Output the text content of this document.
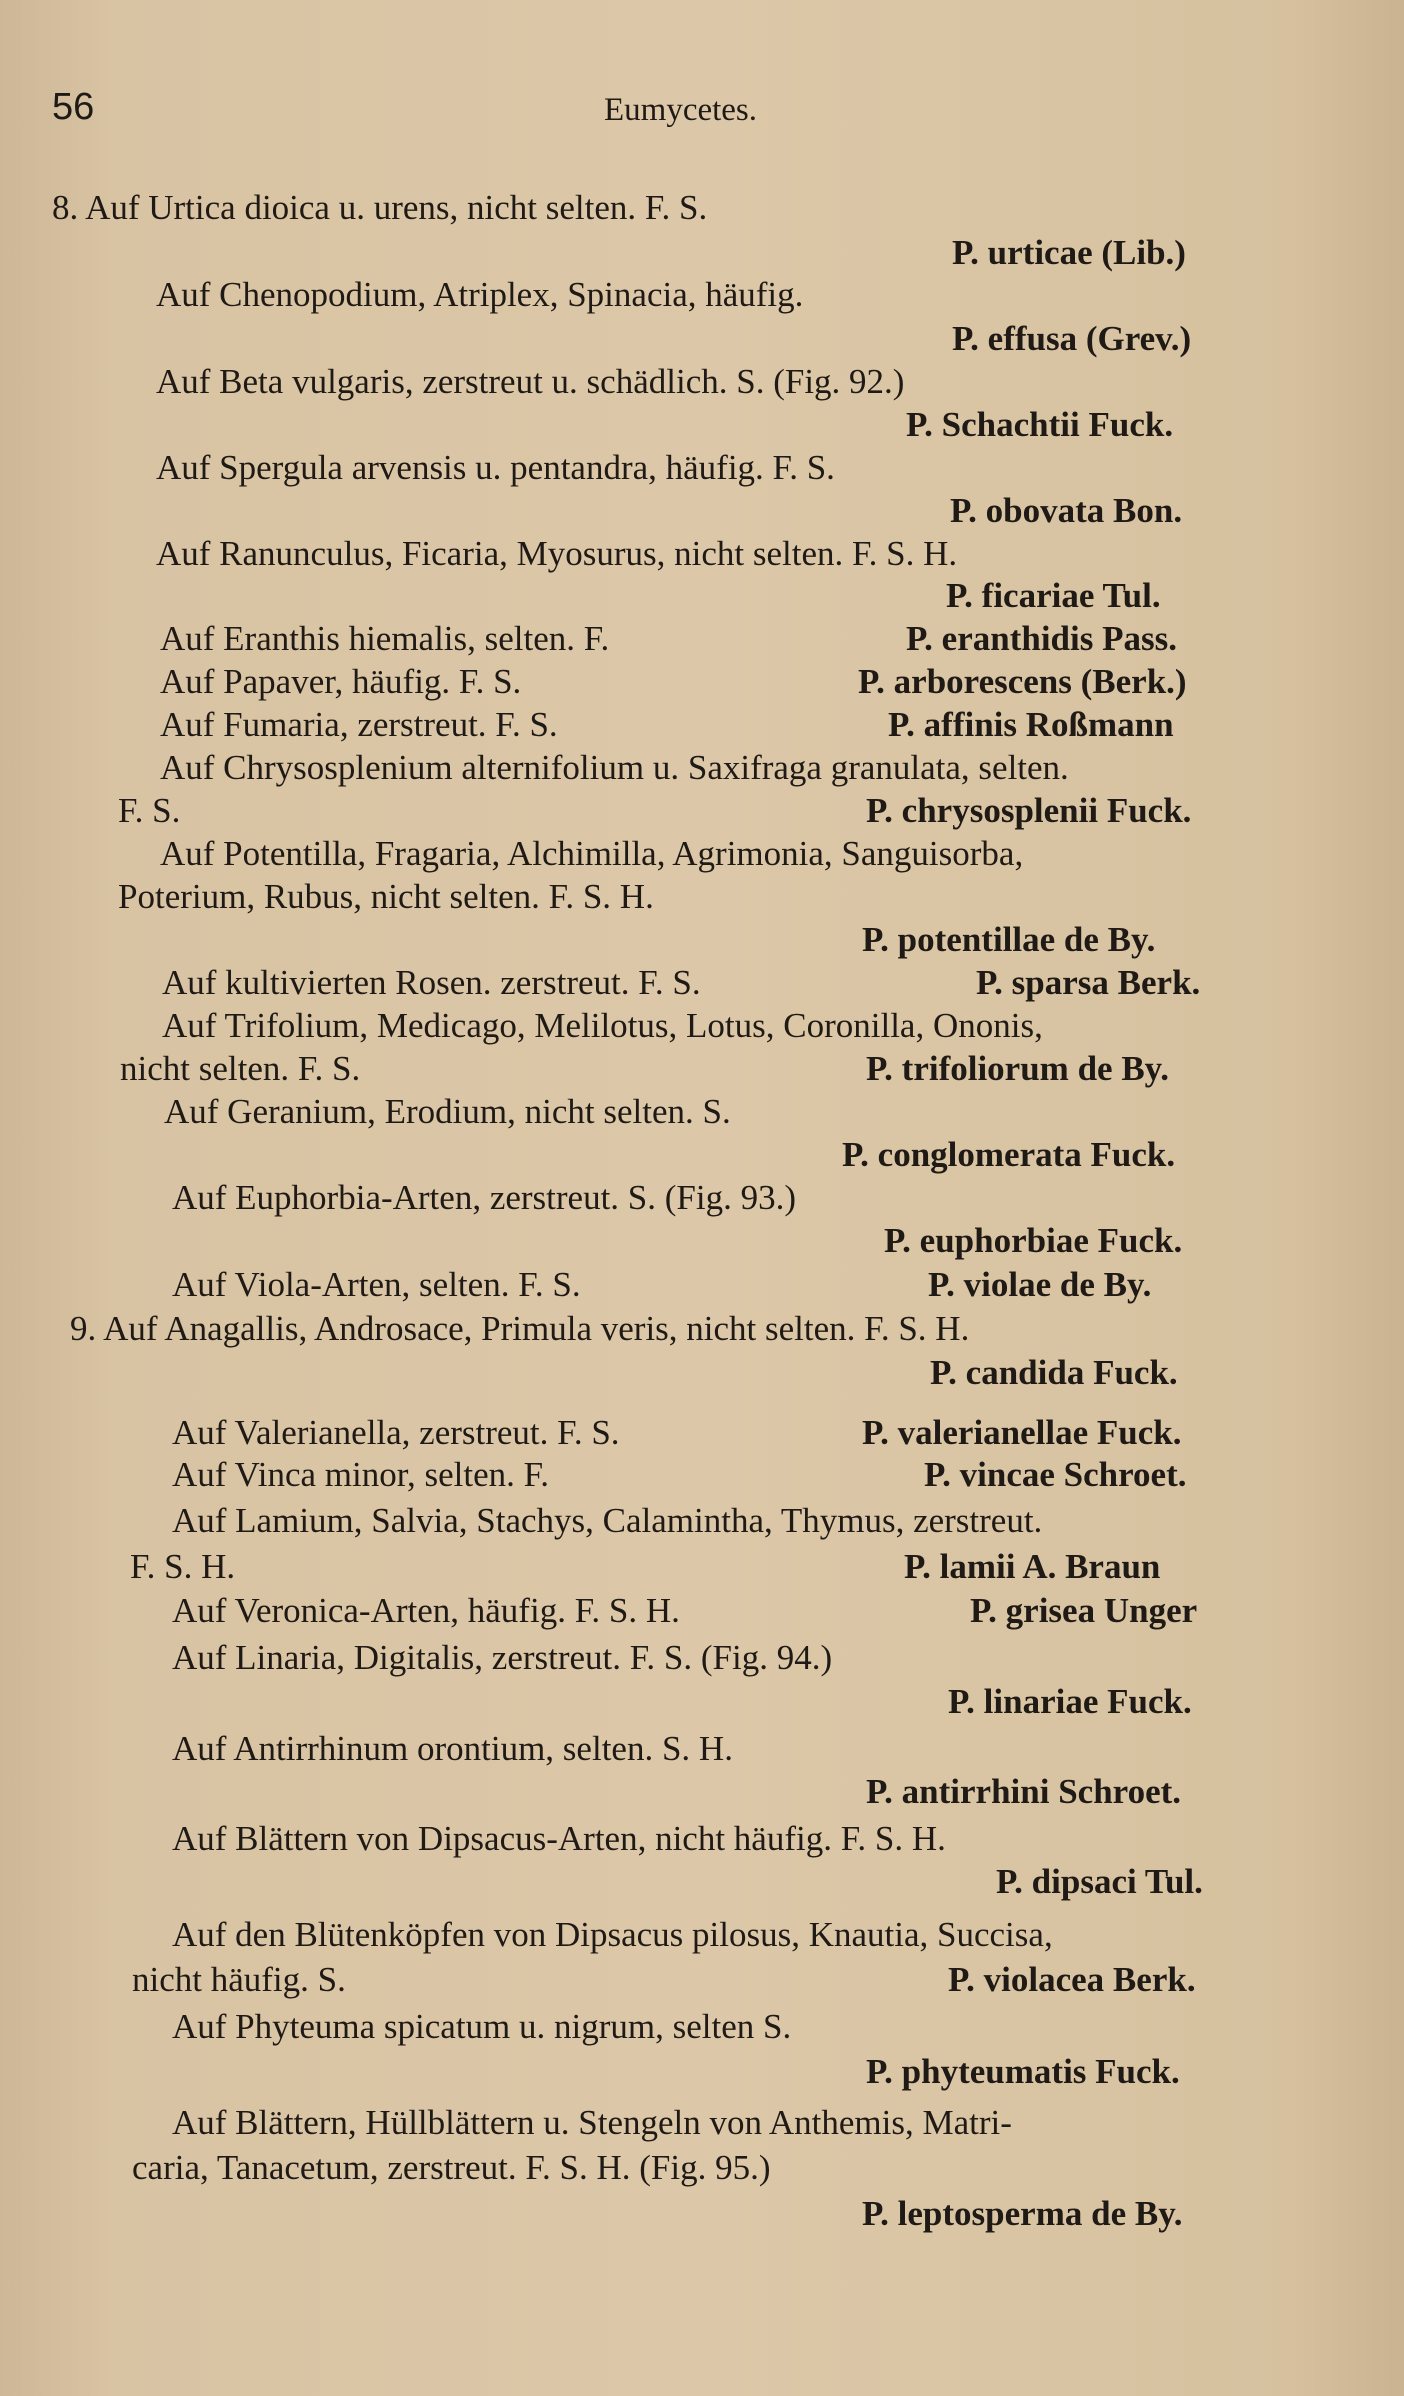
56	Eumycetes.
8. Auf Urtica dioica u. urens, nicht selten. F. S.
P. urticae (Lib.)
Auf Chenopodium, Atriplex, Spinacia, häufig.
P. effusa (Grev.)
Auf Beta vulgaris, zerstreut u. schädlich. S. (Fig. 92.)
P. Schachtii Fuck.
Auf Spergula arvensis u. pentandra, häufig. F. S.
P. obovata Bon.
Auf Ranunculus, Ficaria, Myosurus, nicht selten. F. S. H.
P. ficariae Tul.
Auf Eranthis hiemalis, selten. F.	P. eranthidis Pass.
Auf Papaver, häufig. F. S.	P. arborescens (Berk.)
Auf Fumaria, zerstreut. F. S.	P. affinis Roßmann
Auf Chrysosplenium alternifolium u. Saxifraga granulata, selten.
F. S.	P. chrysosplenii Fuck.
Auf Potentilla, Fragaria, Alchimilla, Agrimonia, Sanguisorba,
Poterium, Rubus, nicht selten. F. S. H.
P. potentillae de By.
Auf kultivierten Rosen. zerstreut. F. S.	P. sparsa Berk.
Auf Trifolium, Medicago, Melilotus, Lotus, Coronilla, Ononis,
nicht selten. F. S.	P. trifoliorum de By.
Auf Geranium, Erodium, nicht selten. S.
P. conglomerata Fuck.
Auf Euphorbia-Arten, zerstreut. S. (Fig. 93.)
P. euphorbiae Fuck.
Auf Viola-Arten, selten. F. S.	P. violae de By.
9. Auf Anagallis, Androsace, Primula veris, nicht selten. F. S. H.
P. candida Fuck.
Auf Valerianella, zerstreut. F. S.	P. valerianellae Fuck.
Auf Vinca minor, selten. F.	P. vincae Schroet.
Auf Lamium, Salvia, Stachys, Calamintha, Thymus, zerstreut.
F. S. H.	P. lamii A. Braun
Auf Veronica-Arten, häufig. F. S. H.	P. grisea Unger
Auf Linaria, Digitalis, zerstreut. F. S. (Fig. 94.)
P. linariae Fuck.
Auf Antirrhinum orontium, selten. S. H.
P. antirrhini Schroet.
Auf Blättern von Dipsacus-Arten, nicht häufig. F. S. H.
P. dipsaci Tul.
Auf den Blütenköpfen von Dipsacus pilosus, Knautia, Succisa,
nicht häufig. S.	P. violacea Berk.
Auf Phyteuma spicatum u. nigrum, selten S.
P. phyteumatis Fuck.
Auf Blättern, Hüllblättern u. Stengeln von Anthemis, Matri-
caria, Tanacetum, zerstreut. F. S. H. (Fig. 95.)
P. leptosperma de By.
